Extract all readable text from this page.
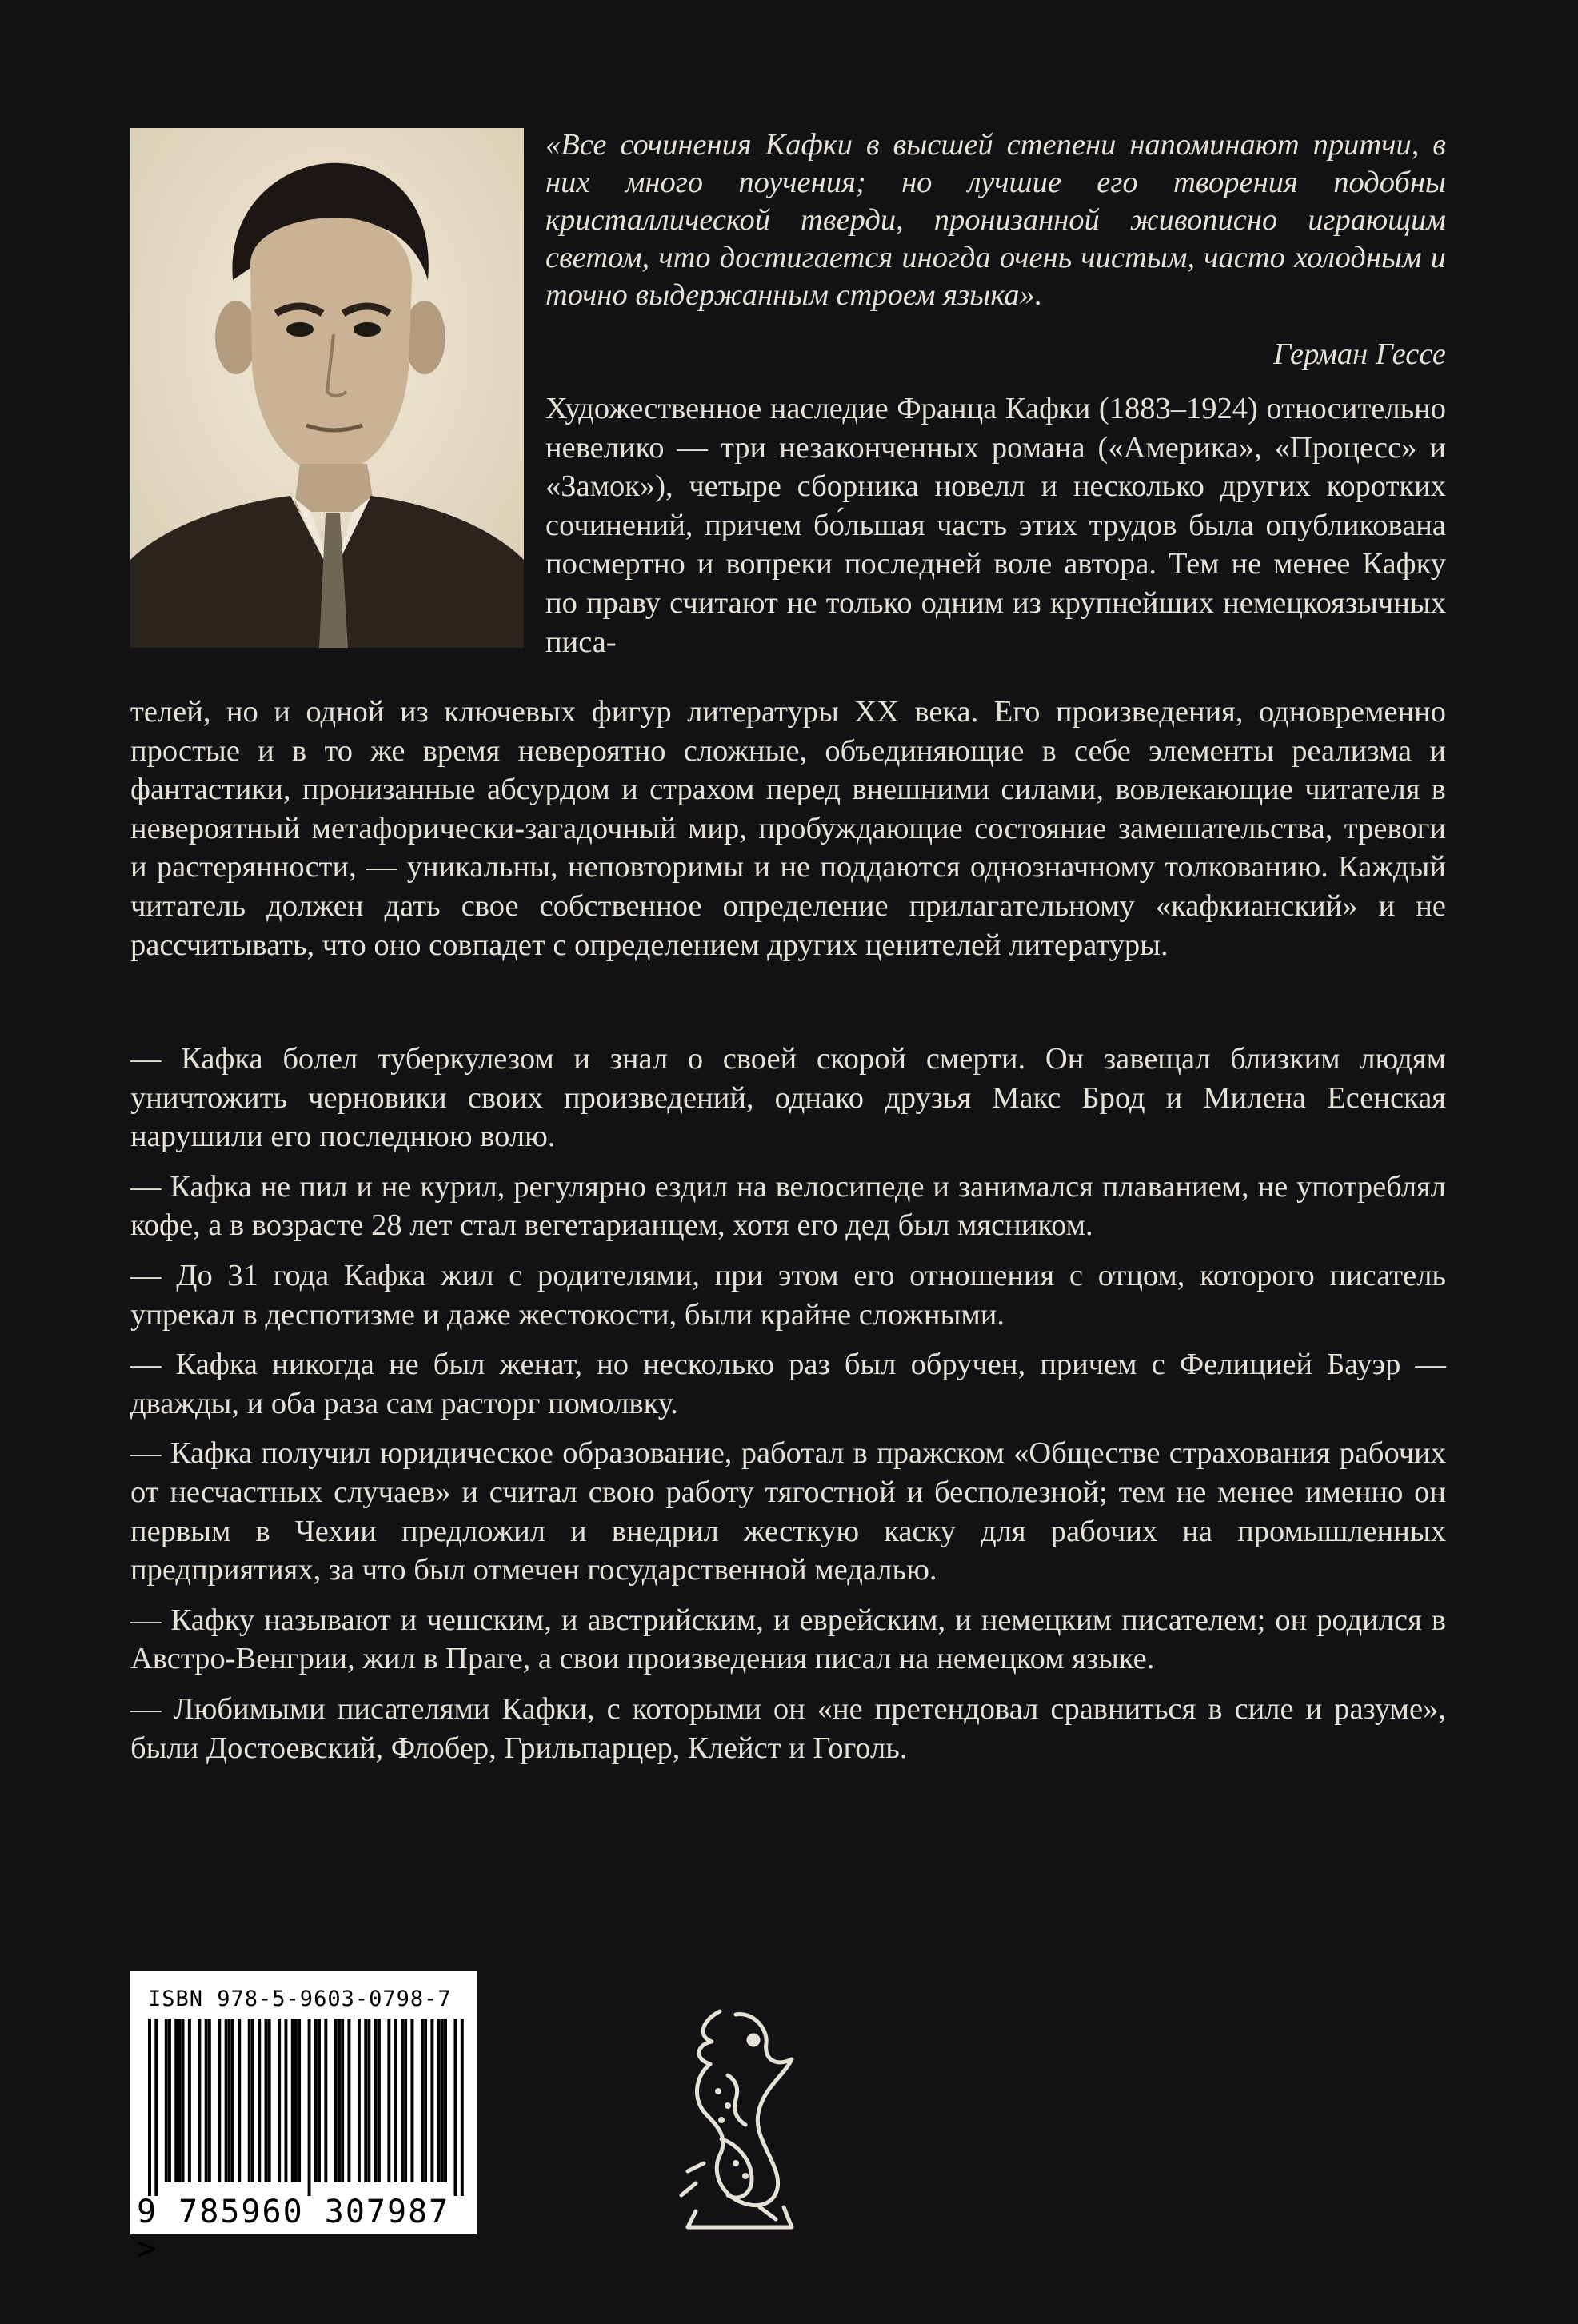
«Все сочинения Кафки в высшей степени напоминают притчи, в них много поучения; но лучшие его творения подобны кристаллической тверди, пронизанной живописно играющим светом, что достигается иногда очень чистым, часто холодным и точно выдержанным строем языка».
Герман Гессе
Художественное наследие Франца Кафки (1883–1924) относительно невелико — три незаконченных романа («Америка», «Процесс» и «Замок»), четыре сборника новелл и несколько других коротких сочинений, причем бо́льшая часть этих трудов была опубликована посмертно и вопреки последней воле автора. Тем не менее Кафку по праву считают не только одним из крупнейших немецкоязычных писа-
телей, но и одной из ключевых фигур литературы XX века. Его произведения, одновременно простые и в то же время невероятно сложные, объединяющие в себе элементы реализма и фантастики, пронизанные абсурдом и страхом перед внешними силами, вовлекающие читателя в невероятный метафорически-загадочный мир, пробуждающие состояние замешательства, тревоги и растерянности, — уникальны, неповторимы и не поддаются однозначному толкованию. Каждый читатель должен дать свое собственное определение прилагательному «кафкианский» и не рассчитывать, что оно совпадет с определением других ценителей литературы.

— Кафка болел туберкулезом и знал о своей скорой смерти. Он завещал близким людям уничтожить черновики своих произведений, однако друзья Макс Брод и Милена Есенская нарушили его последнюю волю.

— Кафка не пил и не курил, регулярно ездил на велосипеде и занимался плаванием, не употреблял кофе, а в возрасте 28 лет стал вегетарианцем, хотя его дед был мясником.

— До 31 года Кафка жил с родителями, при этом его отношения с отцом, которого писатель упрекал в деспотизме и даже жестокости, были крайне сложными.

— Кафка никогда не был женат, но несколько раз был обручен, причем с Фелицией Бауэр — дважды, и оба раза сам расторг помолвку.

— Кафка получил юридическое образование, работал в пражском «Обществе страхования рабочих от несчастных случаев» и считал свою работу тягостной и бесполезной; тем не менее именно он первым в Чехии предложил и внедрил жесткую каску для рабочих на промышленных предприятиях, за что был отмечен государственной медалью.

— Кафку называют и чешским, и австрийским, и еврейским, и немецким писателем; он родился в Австро-Венгрии, жил в Праге, а свои произведения писал на немецком языке.

— Любимыми писателями Кафки, с которыми он «не претендовал сравниться в силе и разуме», были Достоевский, Флобер, Грильпарцер, Клейст и Гоголь.

ISBN 978-5-9603-0798-7
9 785960 307987 >
